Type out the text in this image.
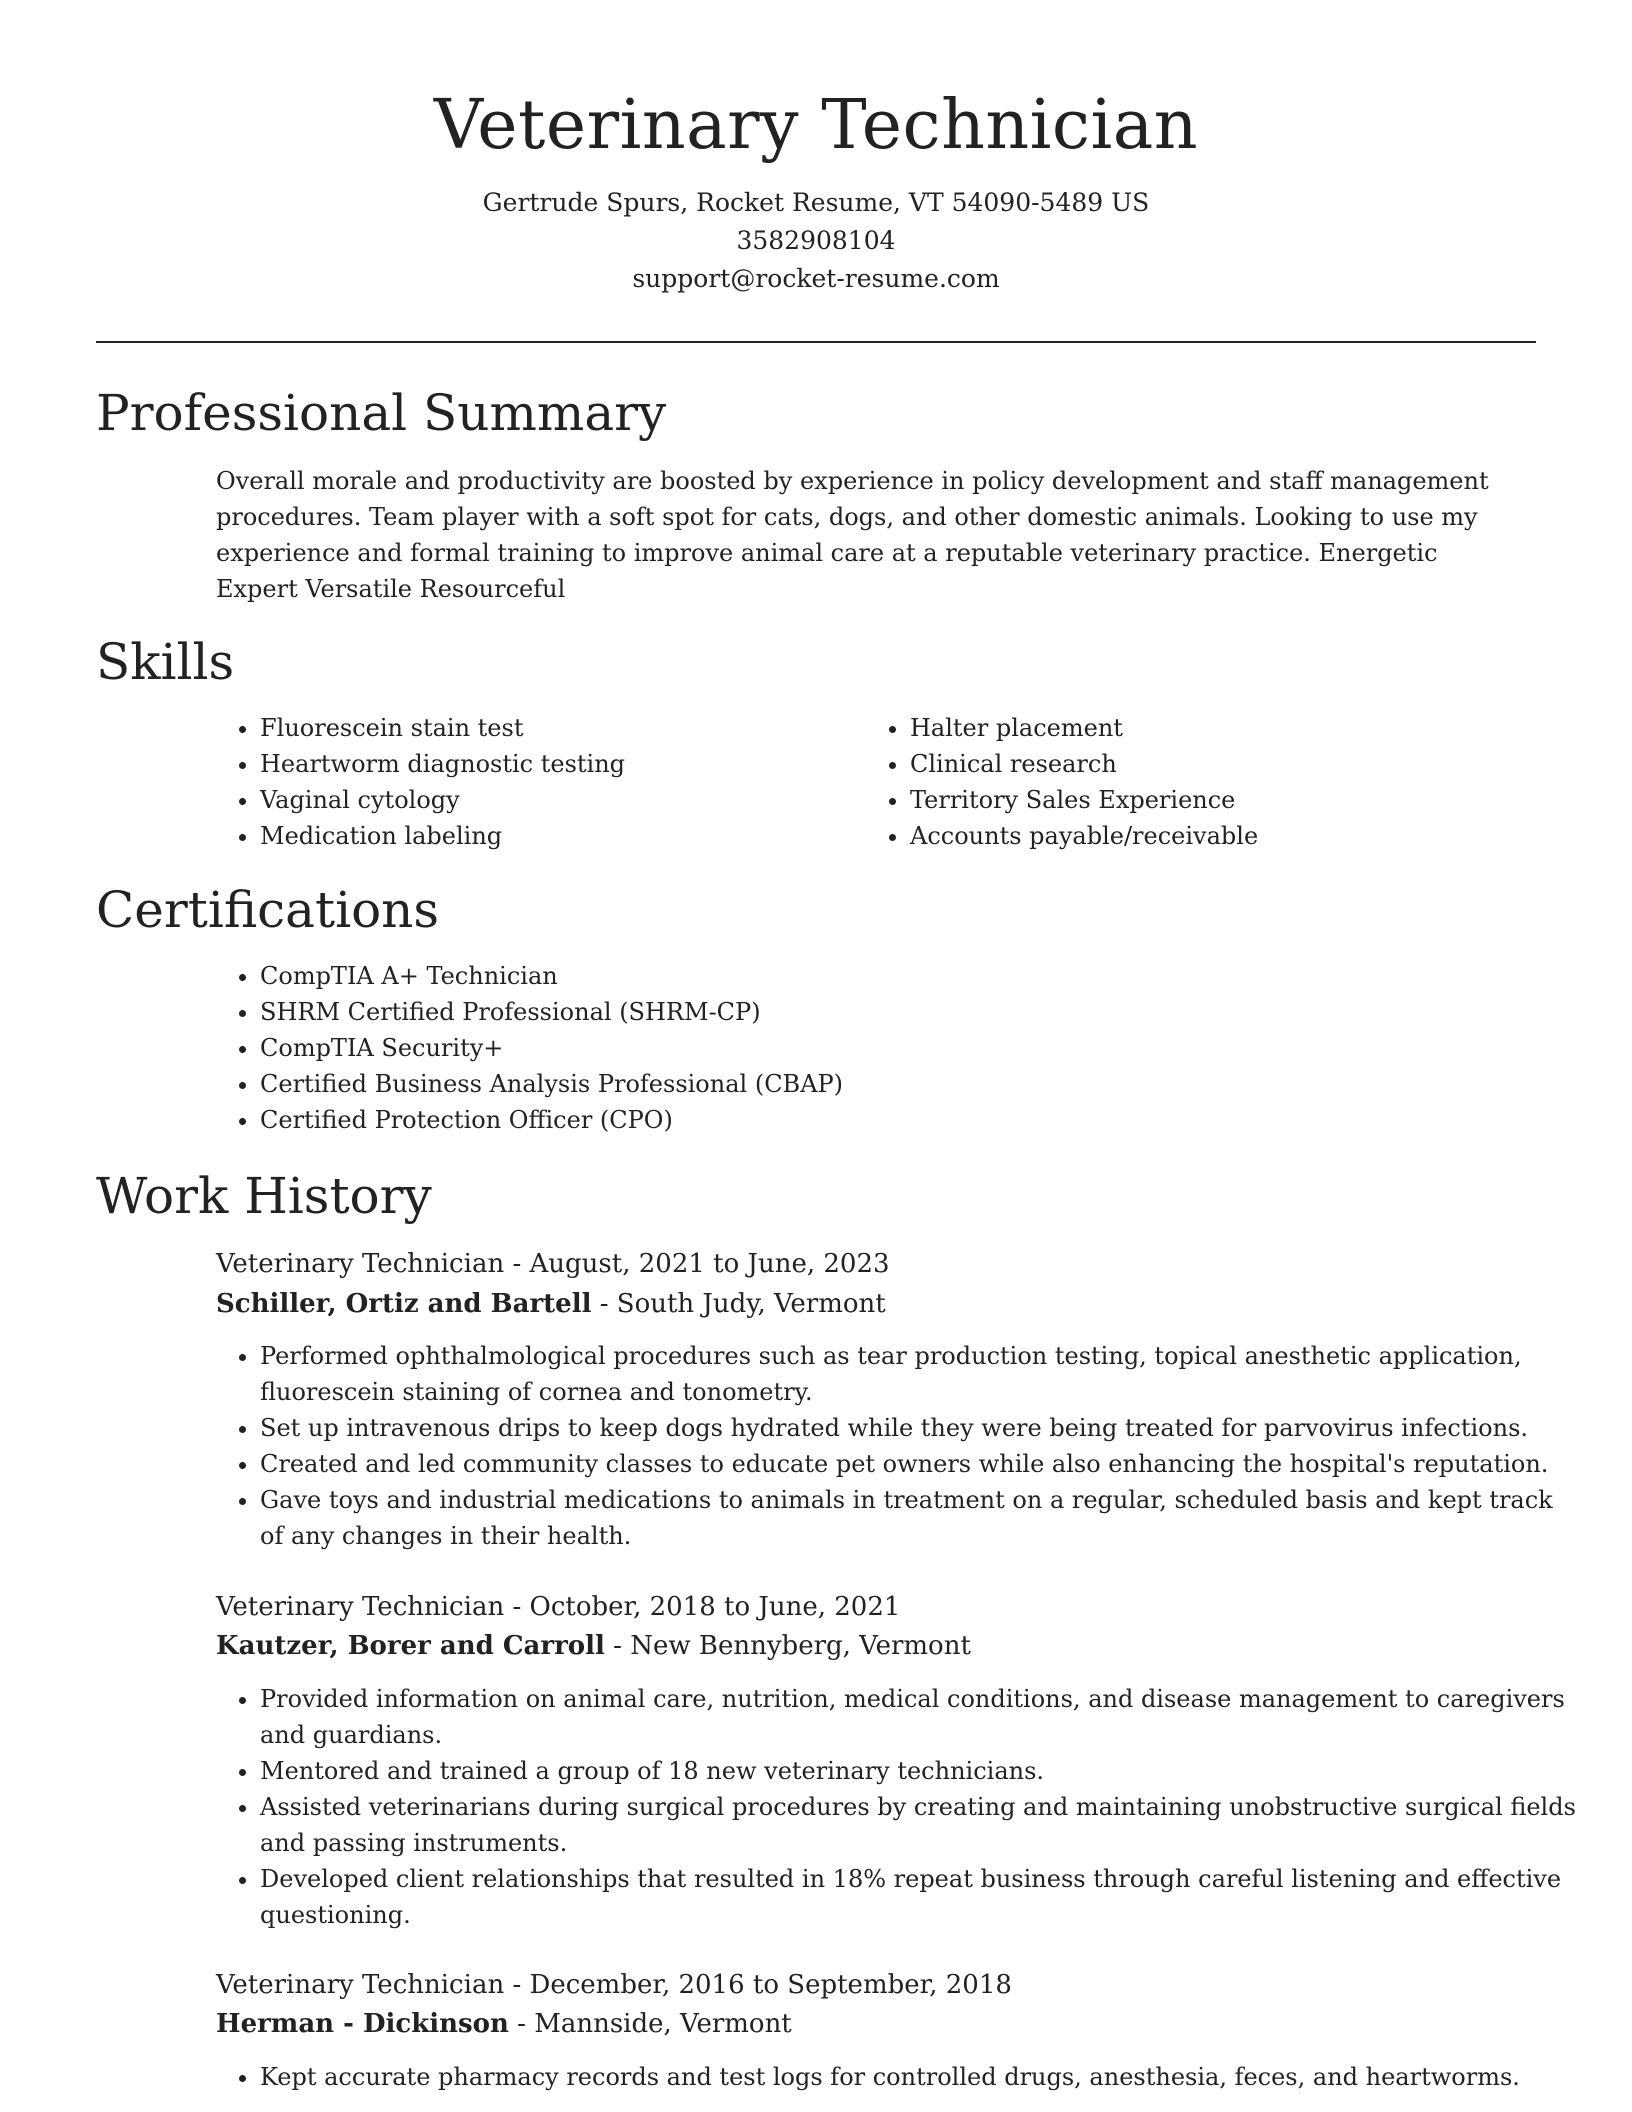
Veterinary Technician

Gertrude Spurs, Rocket Resume, VT 54090-5489 US

3582908104

support@rocket-resume.com

Professional Summary

Overall morale and productivity are boosted by experience in policy development and staff management procedures. Team player with a soft spot for cats, dogs, and other domestic animals. Looking to use my experience and formal training to improve animal care at a reputable veterinary practice. Energetic Expert Versatile Resourceful

Skills
• Fluorescein stain test
• Heartworm diagnostic testing
• Vaginal cytology
• Medication labeling
• Halter placement
• Clinical research
• Territory Sales Experience
• Accounts payable/receivable
Certifications
• CompTIA A+ Technician
• SHRM Certified Professional (SHRM-CP)
• CompTIA Security+
• Certified Business Analysis Professional (CBAP)
• Certified Protection Officer (CPO)
Work History

Veterinary Technician - August, 2021 to June, 2023

Schiller, Ortiz and Bartell - South Judy, Vermont

• Performed ophthalmological procedures such as tear production testing, topical anesthetic application, fluorescein staining of cornea and tonometry.
• Set up intravenous drips to keep dogs hydrated while they were being treated for parvovirus infections.
• Created and led community classes to educate pet owners while also enhancing the hospital's reputation.
• Gave toys and industrial medications to animals in treatment on a regular, scheduled basis and kept track of any changes in their health.

Veterinary Technician - October, 2018 to June, 2021

Kautzer, Borer and Carroll - New Bennyberg, Vermont

• Provided information on animal care, nutrition, medical conditions, and disease management to caregivers and guardians.
• Mentored and trained a group of 18 new veterinary technicians.
• Assisted veterinarians during surgical procedures by creating and maintaining unobstructive surgical fields and passing instruments.
• Developed client relationships that resulted in 18% repeat business through careful listening and effective questioning.

Veterinary Technician - December, 2016 to September, 2018

Herman - Dickinson - Mannside, Vermont

• Kept accurate pharmacy records and test logs for controlled drugs, anesthesia, feces, and heartworms.
